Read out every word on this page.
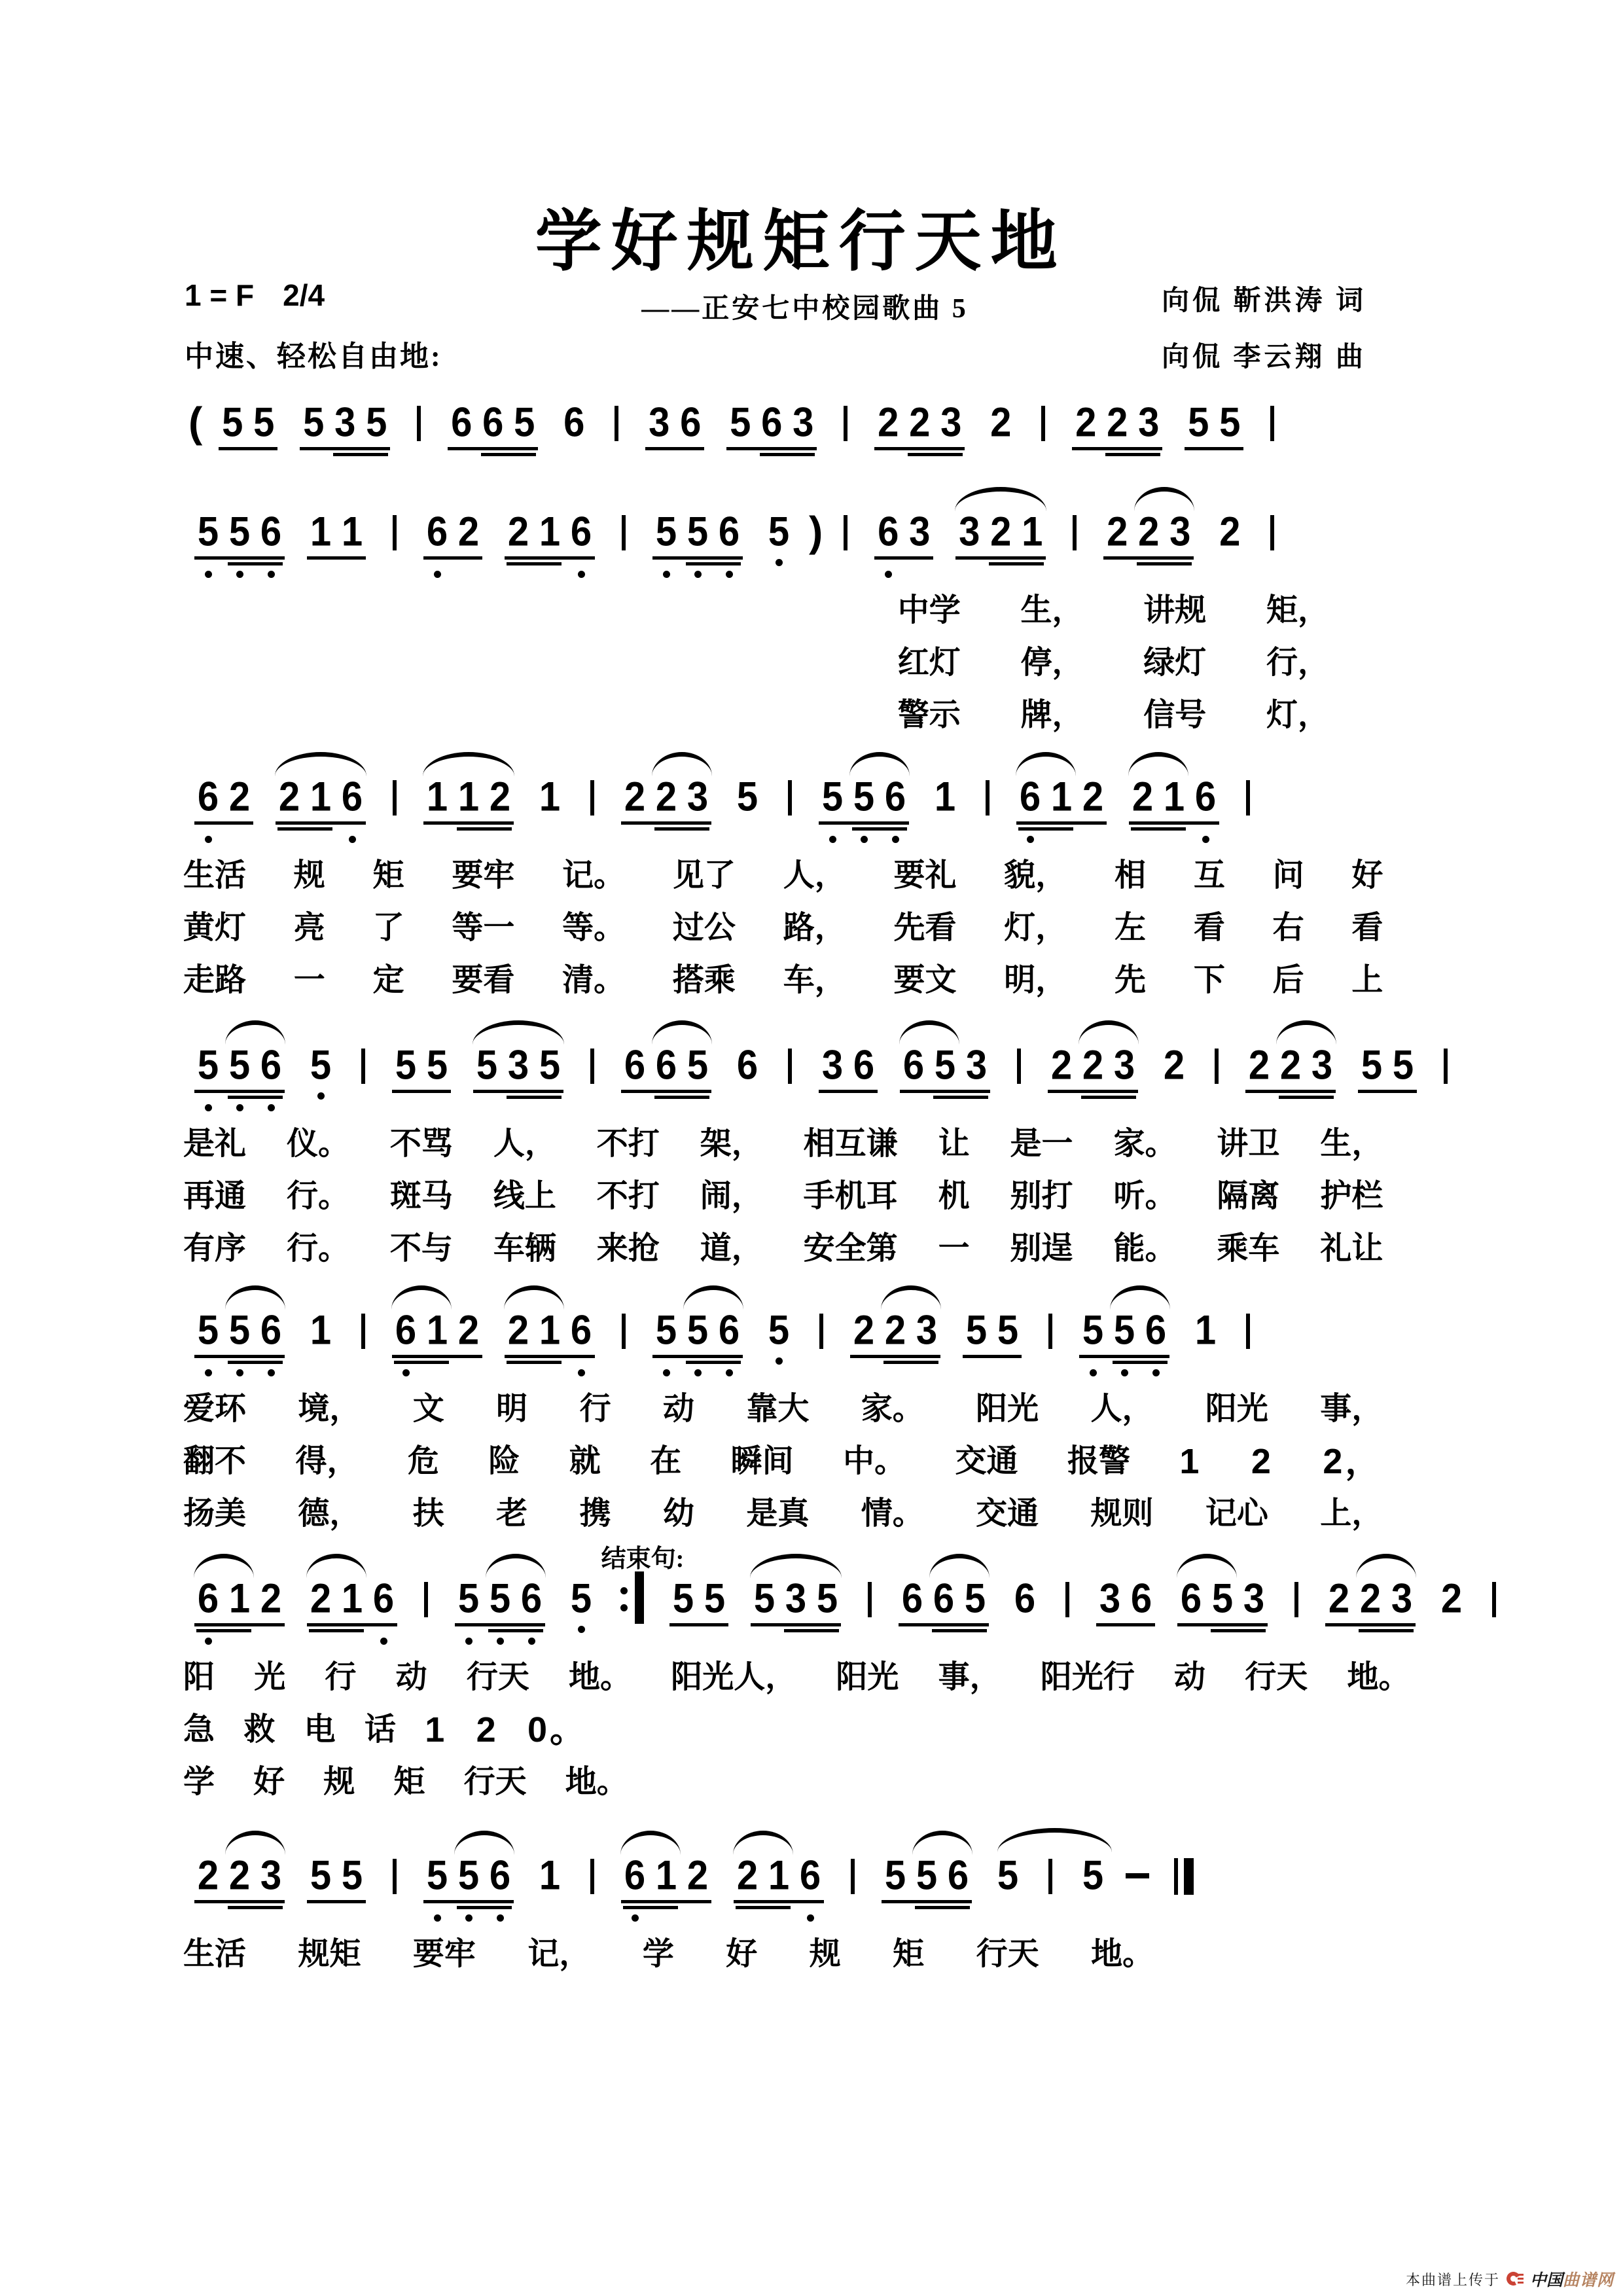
学好规矩行天地
1 = F 2/4	——正安七中校园歌曲 5	向侃 靳洪涛 词
中速、轻松自由地:	向侃 李云翔 曲
( 5 5 5 3 5 6 6 5 6 3 6 5 6 3 2 2 3 2 2 2 3 5 5
5 5 6 1 1 6 2 2 1 6 5 5 6 5 ) 6 3 3 2 1 2 2 3 2
中学 生， 讲规 矩，
红灯 停， 绿灯 行，
警示 牌， 信号 灯，
6 2 2 1 6 1 1 2 1 2 2 3 5 5 5 6 1 6 1 2 2 1 6
生活 规 矩 要牢 记。 见了 人， 要礼 貌， 相 互 问 好
黄灯 亮 了 等一 等。 过公 路， 先看 灯， 左 看 右 看
走路 一 定 要看 清。 搭乘 车， 要文 明， 先 下 后 上
5 5 6 5 5 5 5 3 5 6 6 5 6 3 6 6 5 3 2 2 3 2 2 2 3 5 5
是礼 仪。 不骂 人， 不打 架， 相互谦 让 是一 家。 讲卫 生，
再通 行。 斑马 线上 不打 闹， 手机耳 机 别打 听。 隔离 护栏
有序 行。 不与 车辆 来抢 道， 安全第 一 别逞 能。 乘车 礼让
5 5 6 1 6 1 2 2 1 6 5 5 6 5 2 2 3 5 5 5 5 6 1
爱环 境， 文 明 行 动 靠大 家。 阳光 人， 阳光 事，
翻不 得， 危 险 就 在 瞬间 中。 交通 报警 1 2 2，
扬美 德， 扶 老 携 幼 是真 情。 交通 规则 记心 上，
结束句:
6 1 2 2 1 6 5 5 6 5 5 5 5 3 5 6 6 5 6 3 6 6 5 3 2 2 3 2
阳 光 行 动 行天 地。 阳光人， 阳光 事， 阳光行 动 行天 地。
急 救 电 话 1 2 0。
学 好 规 矩 行天 地。
2 2 3 5 5 5 5 6 1 6 1 2 2 1 6 5 5 6 5 5
生活 规矩 要牢 记， 学 好 规 矩 行天 地。
本曲谱上传于 中国曲谱网
